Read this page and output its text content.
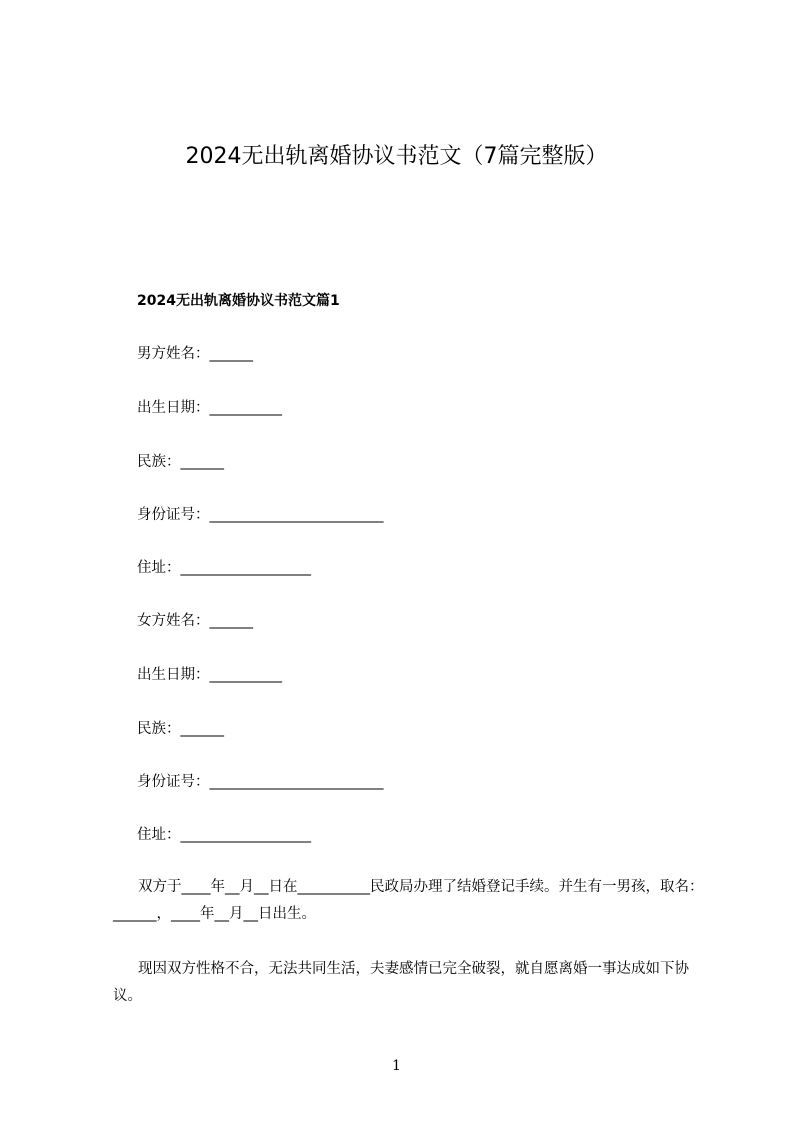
2024无出轨离婚协议书范文（7篇完整版）
2024无出轨离婚协议书范文篇1
男方姓名：______
出生日期：__________
民族：______
身份证号：________________________
住址：__________________
女方姓名：______
出生日期：__________
民族：______
身份证号：________________________
住址：__________________
双方于____年__月__日在__________民政局办理了结婚登记手续。并生有一男孩，取名：______，____年__月__日出生。
现因双方性格不合，无法共同生活，夫妻感情已完全破裂，就自愿离婚一事达成如下协议。
1
